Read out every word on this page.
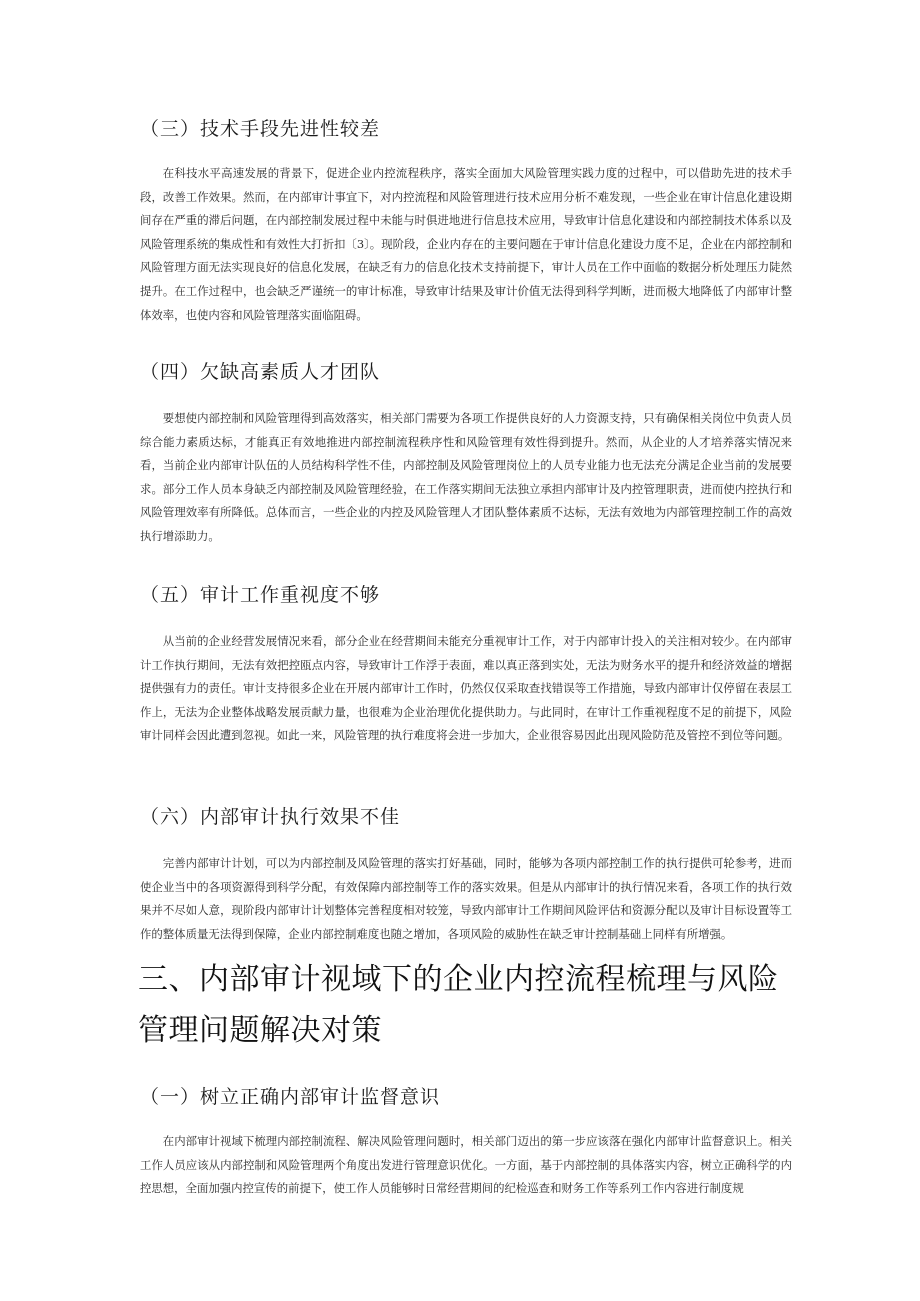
（三）技术手段先进性较差

在科技水平高速发展的背景下，促进企业内控流程秩序，落实全面加大风险管理实践力度的过程中，可以借助先进的技术手段，改善工作效果。然而，在内部审计事宜下，对内控流程和风险管理进行技术应用分析不难发现，一些企业在审计信息化建设期间存在严重的滞后问题，在内部控制发展过程中未能与时俱进地进行信息技术应用，导致审计信息化建设和内部控制技术体系以及风险管理系统的集成性和有效性大打折扣〔3〕。现阶段，企业内存在的主要问题在于审计信息化建设力度不足，企业在内部控制和风险管理方面无法实现良好的信息化发展，在缺乏有力的信息化技术支持前提下，审计人员在工作中面临的数据分析处理压力陡然提升。在工作过程中，也会缺乏严谨统一的审计标准，导致审计结果及审计价值无法得到科学判断，进而极大地降低了内部审计整体效率，也使内容和风险管理落实面临阻碍。

（四）欠缺高素质人才团队

要想使内部控制和风险管理得到高效落实，相关部门需要为各项工作提供良好的人力资源支持，只有确保相关岗位中负责人员综合能力素质达标，才能真正有效地推进内部控制流程秩序性和风险管理有效性得到提升。然而，从企业的人才培养落实情况来看，当前企业内部审计队伍的人员结构科学性不佳，内部控制及风险管理岗位上的人员专业能力也无法充分满足企业当前的发展要求。部分工作人员本身缺乏内部控制及风险管理经验，在工作落实期间无法独立承担内部审计及内控管理职责，进而使内控执行和风险管理效率有所降低。总体而言，一些企业的内控及风险管理人才团队整体素质不达标，无法有效地为内部管理控制工作的高效执行增添助力。

（五）审计工作重视度不够

从当前的企业经营发展情况来看，部分企业在经营期间未能充分重视审计工作，对于内部审计投入的关注相对较少。在内部审计工作执行期间，无法有效把控瓯点内容，导致审计工作浮于表面，难以真正落到实处，无法为财务水平的提升和经济效益的增据提供强有力的责任。审计支持很多企业在开展内部审计工作时，仍然仅仅采取查找错误等工作措施，导致内部审计仅停留在表层工作上，无法为企业整体战略发展贡献力量，也很难为企业治理优化提供助力。与此同时，在审计工作重视程度不足的前提下，风险审计同样会因此遭到忽视。如此一来，风险管理的执行难度将会进一步加大，企业很容易因此出现风险防范及管控不到位等问题。

（六）内部审计执行效果不佳

完善内部审计计划，可以为内部控制及风险管理的落实打好基础，同时，能够为各项内部控制工作的执行提供可轮参考，进而使企业当中的各项资源得到科学分配，有效保障内部控制等工作的落实效果。但是从内部审计的执行情况来看，各项工作的执行效果并不尽如人意，现阶段内部审计计划整体完善程度相对较笼，导致内部审计工作期间风险评估和资源分配以及审计目标设置等工作的整体质量无法得到保障，企业内部控制难度也随之增加，各项风险的威胁性在缺乏审计控制基础上同样有所增强。

三、内部审计视域下的企业内控流程梳理与风险管理问题解决对策
（一）树立正确内部审计监督意识

在内部审计视域下梳理内部控制流程、解决风险管理问题时，相关部门迈出的第一步应该落在强化内部审计监督意识上。相关工作人员应该从内部控制和风险管理两个角度出发进行管理意识优化。一方面，基于内部控制的具体落实内容，树立正确科学的内控思想，全面加强内控宣传的前提下，使工作人员能够时日常经营期间的纪检巡查和财务工作等系列工作内容进行制度规
